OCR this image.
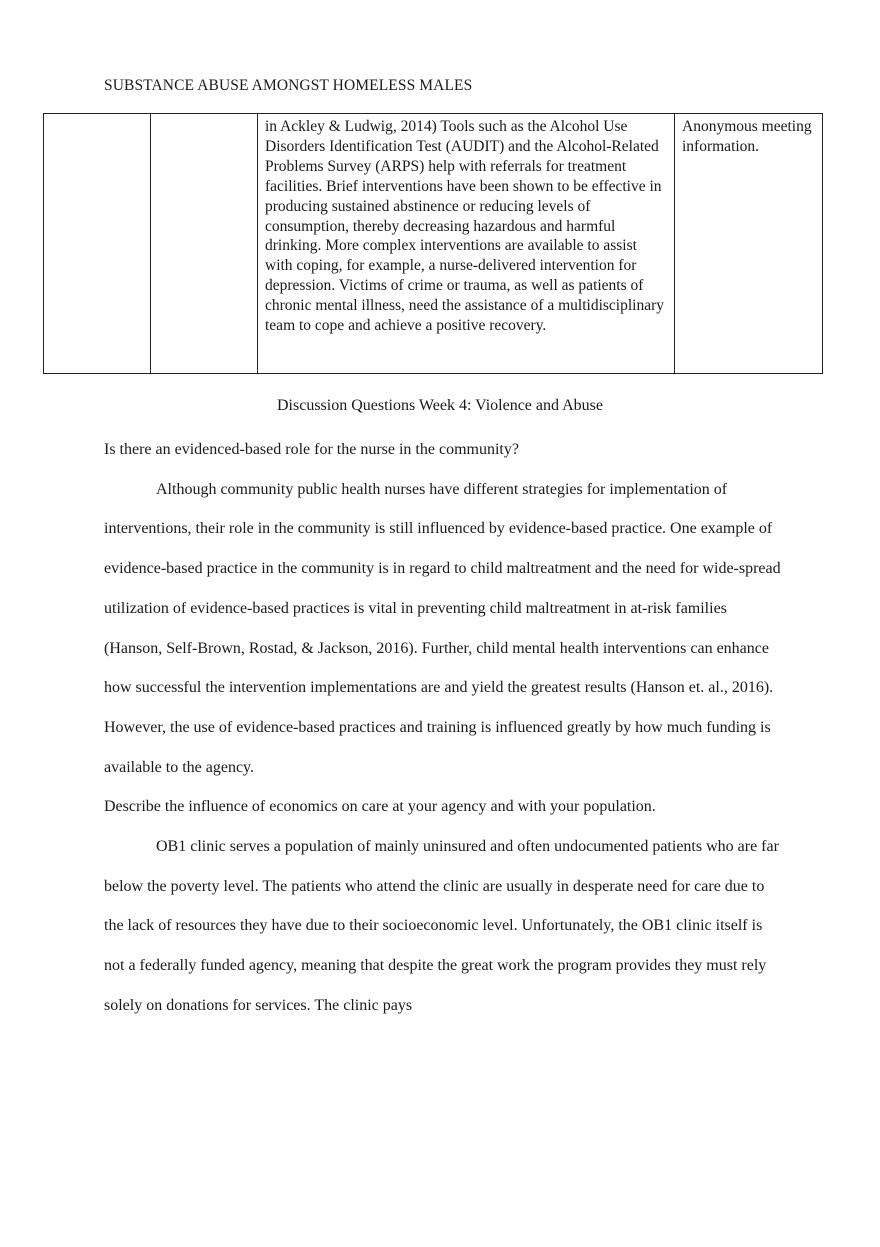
SUBSTANCE ABUSE AMONGST HOMELESS MALES
		in Ackley & Ludwig, 2014) Tools such as the Alcohol Use Disorders Identification Test (AUDIT) and the Alcohol-Related Problems Survey (ARPS) help with referrals for treatment facilities. Brief interventions have been shown to be effective in producing sustained abstinence or reducing levels of consumption, thereby decreasing hazardous and harmful drinking. More complex interventions are available to assist with coping, for example, a nurse-delivered intervention for depression. Victims of crime or trauma, as well as patients of chronic mental illness, need the assistance of a multidisciplinary team to cope and achieve a positive recovery.	Anonymous meeting information.
Discussion Questions Week 4: Violence and Abuse

Is there an evidenced-based role for the nurse in the community?

Although community public health nurses have different strategies for implementation of interventions, their role in the community is still influenced by evidence-based practice. One example of evidence-based practice in the community is in regard to child maltreatment and the need for wide-spread utilization of evidence-based practices is vital in preventing child maltreatment in at-risk families (Hanson, Self-Brown, Rostad, & Jackson, 2016). Further, child mental health interventions can enhance how successful the intervention implementations are and yield the greatest results (Hanson et. al., 2016). However, the use of evidence-based practices and training is influenced greatly by how much funding is available to the agency.

Describe the influence of economics on care at your agency and with your population.

OB1 clinic serves a population of mainly uninsured and often undocumented patients who are far below the poverty level. The patients who attend the clinic are usually in desperate need for care due to the lack of resources they have due to their socioeconomic level. Unfortunately, the OB1 clinic itself is not a federally funded agency, meaning that despite the great work the program provides they must rely solely on donations for services. The clinic pays
